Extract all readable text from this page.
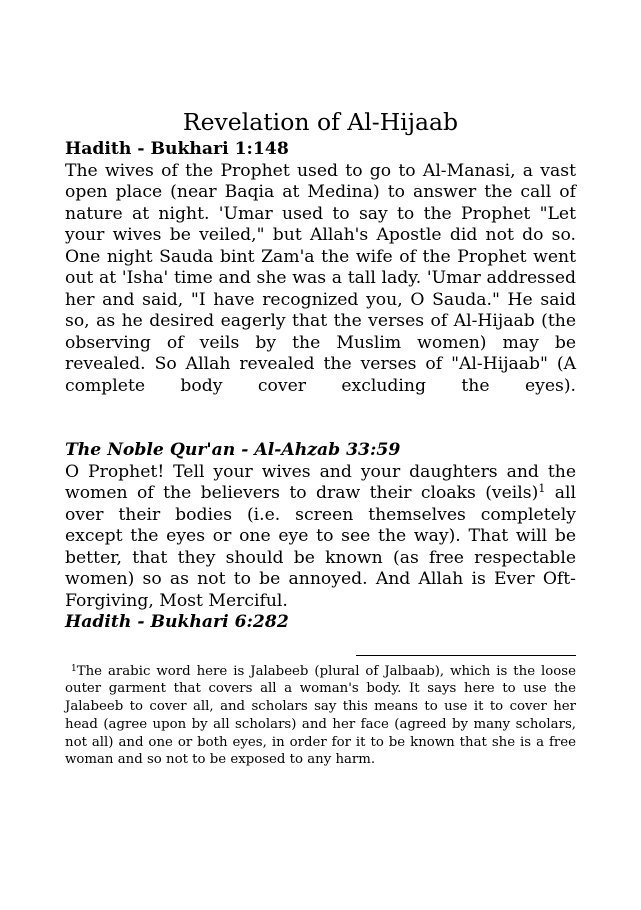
Revelation of Al-Hijaab

Hadith - Bukhari 1:148

The wives of the Prophet used to go to Al-Manasi, a vast open place (near Baqia at Medina) to answer the call of nature at night. 'Umar used to say to the Prophet "Let your wives be veiled," but Allah's Apostle did not do so. One night Sauda bint Zam'a the wife of the Prophet went out at 'Isha' time and she was a tall lady. 'Umar addressed her and said, "I have recognized you, O Sauda." He said so, as he desired eagerly that the verses of Al-Hijaab (the observing of veils by the Muslim women) may be revealed. So Allah revealed the verses of "Al-Hijaab" (A complete body cover excluding the eyes).

The Noble Qur'an - Al-Ahzab 33:59

O Prophet! Tell your wives and your daughters and the women of the believers to draw their cloaks (veils)$^1$ all over their bodies (i.e. screen themselves completely except the eyes or one eye to see the way). That will be better, that they should be known (as free respectable women) so as not to be annoyed. And Allah is Ever Oft-Forgiving, Most Merciful.

Hadith - Bukhari 6:282

$^1$The arabic word here is Jalabeeb (plural of Jalbaab), which is the loose outer garment that covers all a woman's body. It says here to use the Jalabeeb to cover all, and scholars say this means to use it to cover her head (agree upon by all scholars) and her face (agreed by many scholars, not all) and one or both eyes, in order for it to be known that she is a free woman and so not to be exposed to any harm.
